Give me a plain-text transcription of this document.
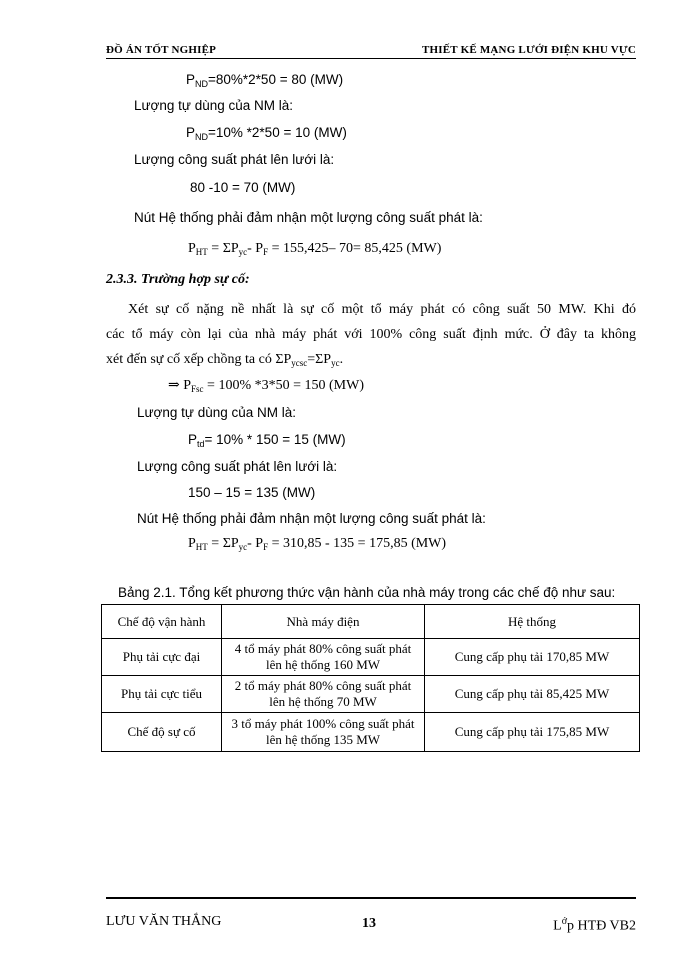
ĐỒ ÁN TỐT NGHIỆP	THIẾT KẾ MẠNG LƯỚI ĐIỆN KHU VỰC
$P_{ND}=80\%*2*50 = 80$ (MW)
Lượng tự dùng của NM là:
$P_{ND}=10\%$ *2*50 = 10 (MW)
Lượng công suất phát lên lưới là:
80 -10 = 70 (MW)
Nút Hệ thống phải đảm nhận một lượng công suất phát là:
$P_{HT} = \Sigma P_{yc}-$ $P_F = 155,425-$ 70= 85,425 (MW)
2.3.3. Trường hợp sự cố:
Xét sự cố nặng nề nhất là sự cố một tổ máy phát có công suất 50 MW. Khi đó
các tổ máy còn lại của nhà máy phát với 100% công suất định mức. Ở đây ta không
xét đến sự cố xếp chồng ta có $\Sigma P_{ycsc}=\Sigma P_{yc}$.
⇒ $P_{Fsc} = 100\%$ *3*50 = 150 (MW)
Lượng tự dùng của NM là:
$P_{td}= 10\% * 150 = 15$ (MW)
Lượng công suất phát lên lưới là:
150 – 15 = 135 (MW)
Nút Hệ thống phải đảm nhận một lượng công suất phát là:
$P_{HT} = \Sigma P_{yc}-$ $P_F = 310,85 - 135 = 175,85$ (MW)
Bảng 2.1. Tổng kết phương thức vận hành của nhà máy trong các chế độ như sau:
Chế độ vận hành	Nhà máy điện	Hệ thống
Phụ tải cực đại	4 tổ máy phát 80% công suất phát lên hệ thống 160 MW	Cung cấp phụ tải 170,85 MW
Phụ tải cực tiểu	2 tổ máy phát 80% công suất phát lên hệ thống 70 MW	Cung cấp phụ tải 85,425 MW
Chế độ sự cố	3 tổ máy phát 100% công suất phát lên hệ thống 135 MW	Cung cấp phụ tải 175,85 MW
LƯU VĂN THẮNG	13	$L^ớp$ HTĐ VB2
